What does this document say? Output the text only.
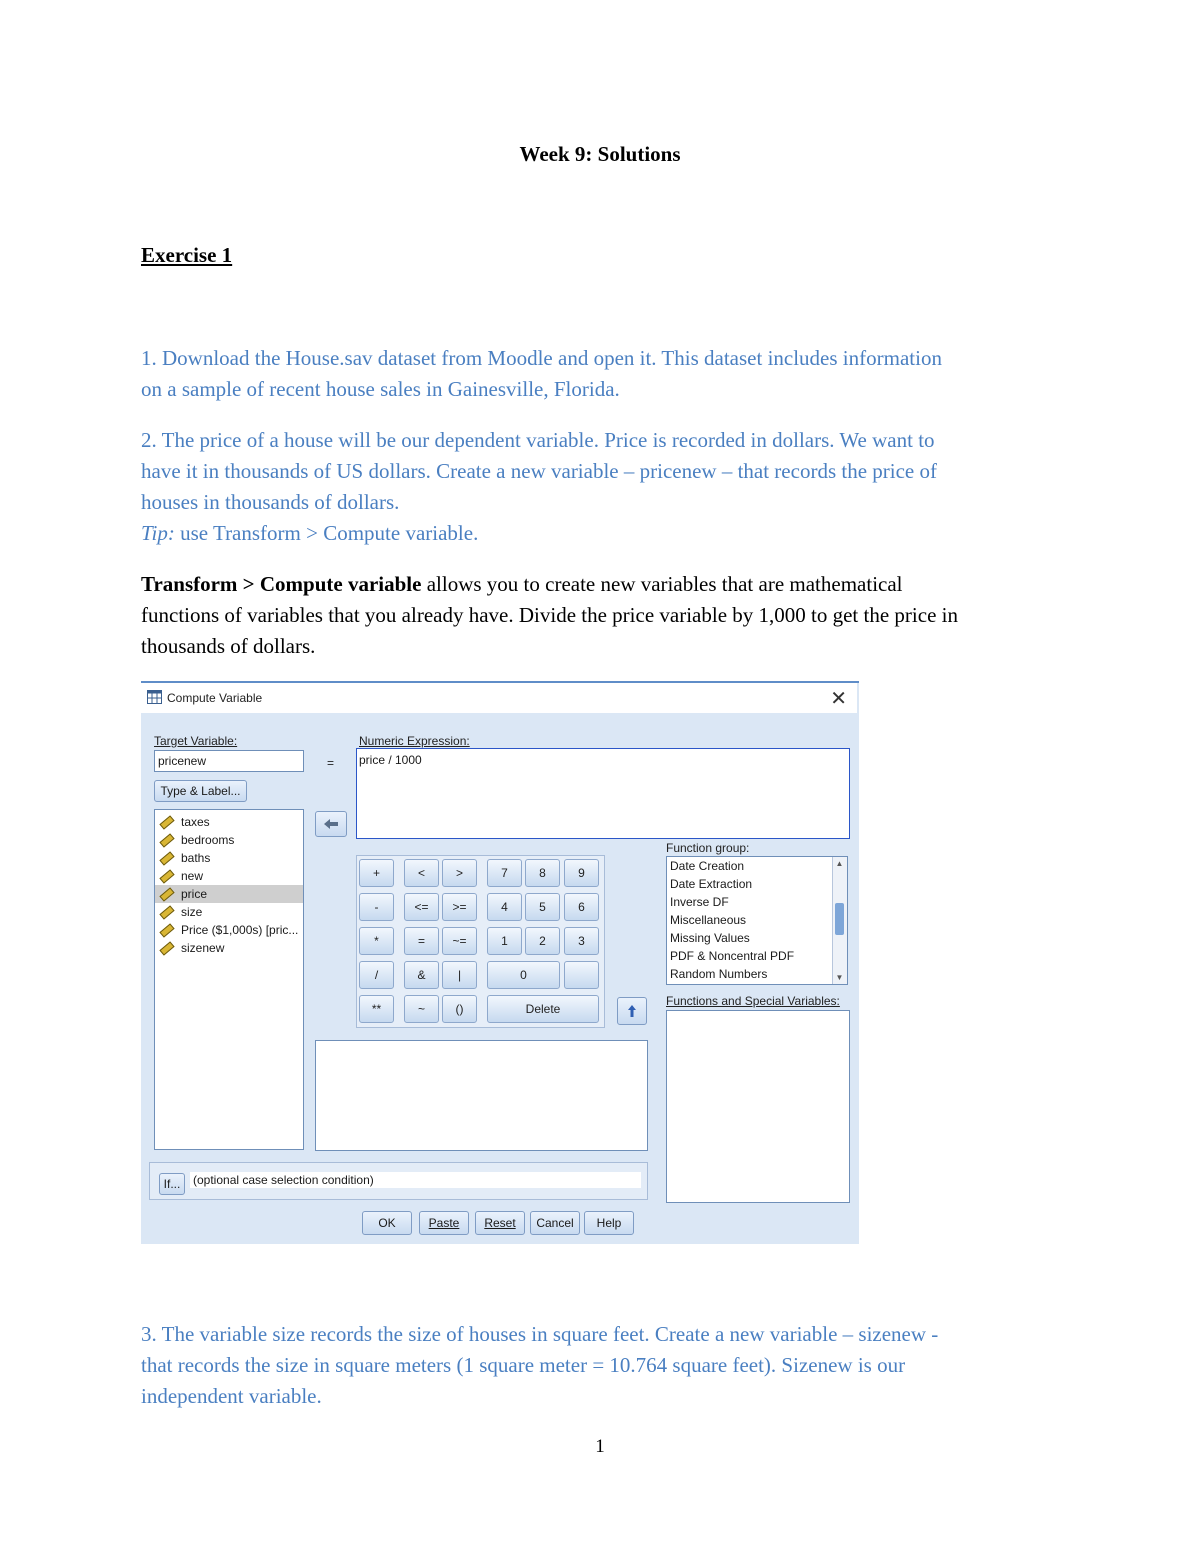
Week 9: Solutions
Exercise 1
1. Download the House.sav dataset from Moodle and open it. This dataset includes information
on a sample of recent house sales in Gainesville, Florida.
2. The price of a house will be our dependent variable. Price is recorded in dollars. We want to
have it in thousands of US dollars. Create a new variable – pricenew – that records the price of
houses in thousands of dollars.
Tip: use Transform > Compute variable.
Transform > Compute variable allows you to create new variables that are mathematical
functions of variables that you already have. Divide the price variable by 1,000 to get the price in
thousands of dollars.
Compute Variable	✕
Target Variable:
pricenew	=
Type & Label...
Numeric Expression:
price / 1000
taxes
bedrooms
baths
new
price
size
Price ($1,000s) [pric...
sizenew
+	<	>	7	8	9
-	<=	>=	4	5	6
*	=	~=	1	2	3
/	&	|	0
**	~	()	Delete
Function group:
Date Creation
Date Extraction
Inverse DF
Miscellaneous
Missing Values
PDF & Noncentral PDF
Random Numbers
▲
▼
Functions and Special Variables:
If... (optional case selection condition)
OK	Paste Reset Cancel Help
3. The variable size records the size of houses in square feet. Create a new variable – sizenew -
that records the size in square meters (1 square meter = 10.764 square feet). Sizenew is our
independent variable.
1
